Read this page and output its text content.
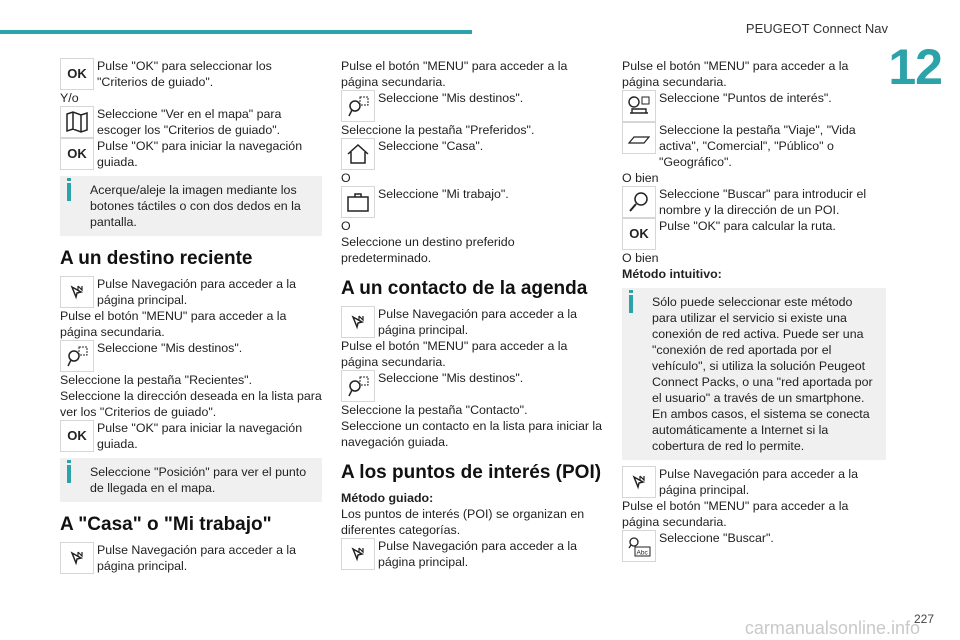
PEUGEOT Connect Nav
12
OK Pulse "OK" para seleccionar los "Criterios de guiado".

Y/o

Seleccione "Ver en el mapa" para escoger los "Criterios de guiado".

OK Pulse "OK" para iniciar la navegación guiada.

Acerque/aleje la imagen mediante los botones táctiles o con dos dedos en la pantalla.

A un destino reciente

Pulse Navegación para acceder a la página principal.

Pulse el botón "MENU" para acceder a la página secundaria.

Seleccione "Mis destinos".

Seleccione la pestaña "Recientes".

Seleccione la dirección deseada en la lista para ver los "Criterios de guiado".

OK Pulse "OK" para iniciar la navegación guiada.

Seleccione "Posición" para ver el punto de llegada en el mapa.

A "Casa" o "Mi trabajo"

Pulse Navegación para acceder a la página principal.

Pulse el botón "MENU" para acceder a la página secundaria.

Seleccione "Mis destinos".

Seleccione la pestaña "Preferidos".

Seleccione "Casa".

O

Seleccione "Mi trabajo".

O

Seleccione un destino preferido predeterminado.

A un contacto de la agenda

Pulse Navegación para acceder a la página principal.

Pulse el botón "MENU" para acceder a la página secundaria.

Seleccione "Mis destinos".

Seleccione la pestaña "Contacto".

Seleccione un contacto en la lista para iniciar la navegación guiada.

A los puntos de interés (POI)

Método guiado:

Los puntos de interés (POI) se organizan en diferentes categorías.

Pulse Navegación para acceder a la página principal.

Pulse el botón "MENU" para acceder a la página secundaria.

Seleccione "Puntos de interés".

Seleccione la pestaña "Viaje", "Vida activa", "Comercial", "Público" o "Geográfico".

O bien

Seleccione "Buscar" para introducir el nombre y la dirección de un POI.

OK Pulse "OK" para calcular la ruta.

O bien

Método intuitivo:

Sólo puede seleccionar este método para utilizar el servicio si existe una conexión de red activa. Puede ser una "conexión de red aportada por el vehículo", si utiliza la solución Peugeot Connect Packs, o una "red aportada por el usuario" a través de un smartphone.
En ambos casos, el sistema se conecta automáticamente a Internet si la cobertura de red lo permite.

Pulse Navegación para acceder a la página principal.

Pulse el botón "MENU" para acceder a la página secundaria.

Abc

Seleccione "Buscar".

227
carmanualsonline.info
